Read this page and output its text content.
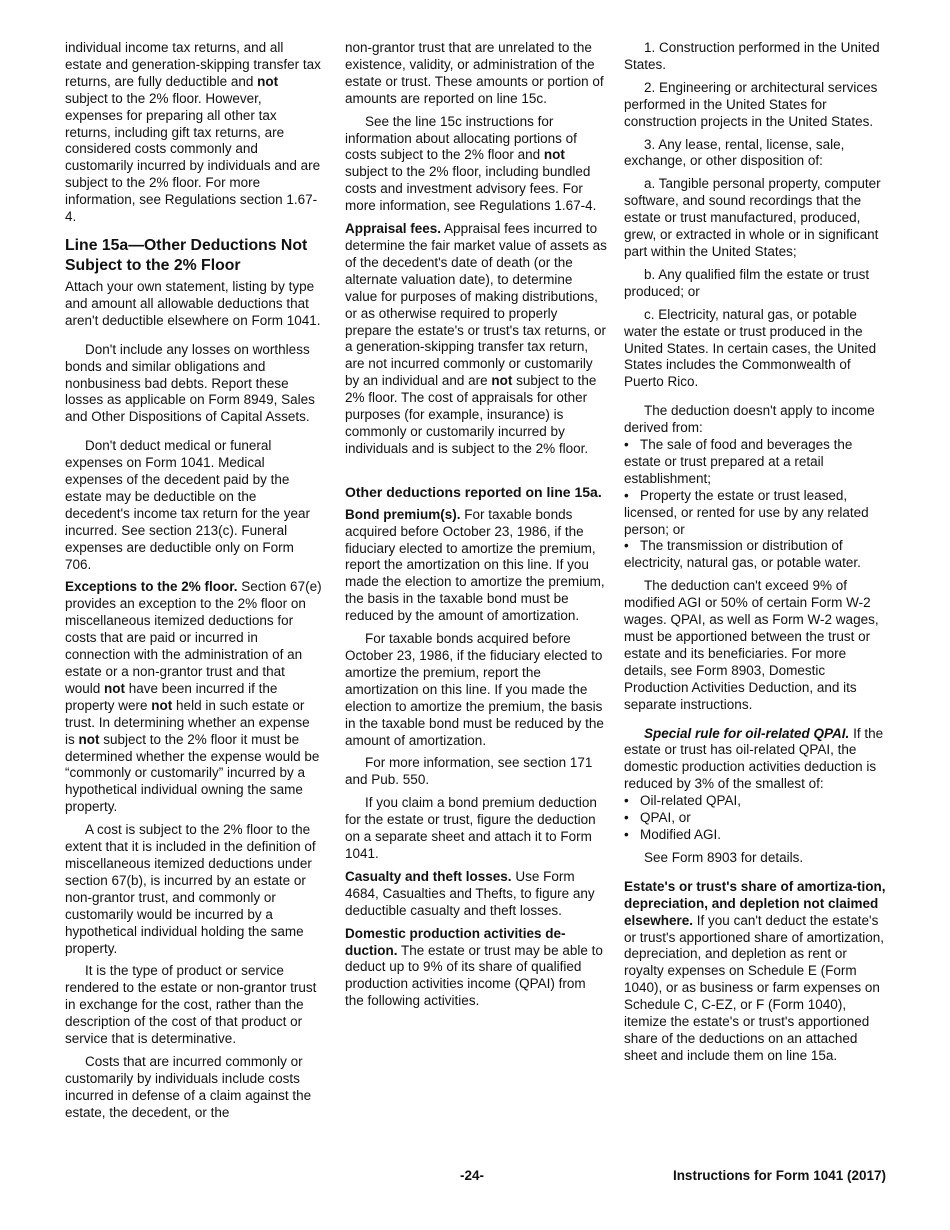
individual income tax returns, and all estate and generation-skipping transfer tax returns, are fully deductible and not subject to the 2% floor. However, expenses for preparing all other tax returns, including gift tax returns, are considered costs commonly and customarily incurred by individuals and are subject to the 2% floor. For more information, see Regulations section 1.67-4.

Line 15a—Other Deductions Not Subject to the 2% Floor

Attach your own statement, listing by type and amount all allowable deductions that aren't deductible elsewhere on Form 1041.

Don't include any losses on worthless bonds and similar obligations and nonbusiness bad debts. Report these losses as applicable on Form 8949, Sales and Other Dispositions of Capital Assets.

Don't deduct medical or funeral expenses on Form 1041. Medical expenses of the decedent paid by the estate may be deductible on the decedent's income tax return for the year incurred. See section 213(c). Funeral expenses are deductible only on Form 706.

Exceptions to the 2% floor. Section 67(e) provides an exception to the 2% floor on miscellaneous itemized deductions for costs that are paid or incurred in connection with the administration of an estate or a non-grantor trust and that would not have been incurred if the property were not held in such estate or trust. In determining whether an expense is not subject to the 2% floor it must be determined whether the expense would be “commonly or customarily” incurred by a hypothetical individual owning the same property.

A cost is subject to the 2% floor to the extent that it is included in the definition of miscellaneous itemized deductions under section 67(b), is incurred by an estate or non-grantor trust, and commonly or customarily would be incurred by a hypothetical individual holding the same property.

It is the type of product or service rendered to the estate or non-grantor trust in exchange for the cost, rather than the description of the cost of that product or service that is determinative.

Costs that are incurred commonly or customarily by individuals include costs incurred in defense of a claim against the estate, the decedent, or the

non-grantor trust that are unrelated to the existence, validity, or administration of the estate or trust. These amounts or portion of amounts are reported on line 15c.

See the line 15c instructions for information about allocating portions of costs subject to the 2% floor and not subject to the 2% floor, including bundled costs and investment advisory fees. For more information, see Regulations 1.67-4.

Appraisal fees. Appraisal fees incurred to determine the fair market value of assets as of the decedent's date of death (or the alternate valuation date), to determine value for purposes of making distributions, or as otherwise required to properly prepare the estate's or trust's tax returns, or a generation-skipping transfer tax return, are not incurred commonly or customarily by an individual and are not subject to the 2% floor. The cost of appraisals for other purposes (for example, insurance) is commonly or customarily incurred by individuals and is subject to the 2% floor.

Other deductions reported on line 15a.

Bond premium(s). For taxable bonds acquired before October 23, 1986, if the fiduciary elected to amortize the premium, report the amortization on this line. If you made the election to amortize the premium, the basis in the taxable bond must be reduced by the amount of amortization.

For taxable bonds acquired before October 23, 1986, if the fiduciary elected to amortize the premium, report the amortization on this line. If you made the election to amortize the premium, the basis in the taxable bond must be reduced by the amount of amortization.

For more information, see section 171 and Pub. 550.

If you claim a bond premium deduction for the estate or trust, figure the deduction on a separate sheet and attach it to Form 1041.

Casualty and theft losses. Use Form 4684, Casualties and Thefts, to figure any deductible casualty and theft losses.

Domestic production activities de-duction. The estate or trust may be able to deduct up to 9% of its share of qualified production activities income (QPAI) from the following activities.

1. Construction performed in the United States.

2. Engineering or architectural services performed in the United States for construction projects in the United States.

3. Any lease, rental, license, sale, exchange, or other disposition of:

a. Tangible personal property, computer software, and sound recordings that the estate or trust manufactured, produced, grew, or extracted in whole or in significant part within the United States;

b. Any qualified film the estate or trust produced; or

c. Electricity, natural gas, or potable water the estate or trust produced in the United States. In certain cases, the United States includes the Commonwealth of Puerto Rico.

The deduction doesn't apply to income derived from:

• The sale of food and beverages the estate or trust prepared at a retail establishment;

• Property the estate or trust leased, licensed, or rented for use by any related person; or

• The transmission or distribution of electricity, natural gas, or potable water.

The deduction can't exceed 9% of modified AGI or 50% of certain Form W-2 wages. QPAI, as well as Form W-2 wages, must be apportioned between the trust or estate and its beneficiaries. For more details, see Form 8903, Domestic Production Activities Deduction, and its separate instructions.

Special rule for oil-related QPAI. If the estate or trust has oil-related QPAI, the domestic production activities deduction is reduced by 3% of the smallest of:

• Oil-related QPAI,

• QPAI, or

• Modified AGI.

See Form 8903 for details.

Estate's or trust's share of amortiza-tion, depreciation, and depletion not claimed elsewhere. If you can't deduct the estate's or trust's apportioned share of amortization, depreciation, and depletion as rent or royalty expenses on Schedule E (Form 1040), or as business or farm expenses on Schedule C, C-EZ, or F (Form 1040), itemize the estate's or trust's apportioned share of the deductions on an attached sheet and include them on line 15a.

-24-	Instructions for Form 1041 (2017)
